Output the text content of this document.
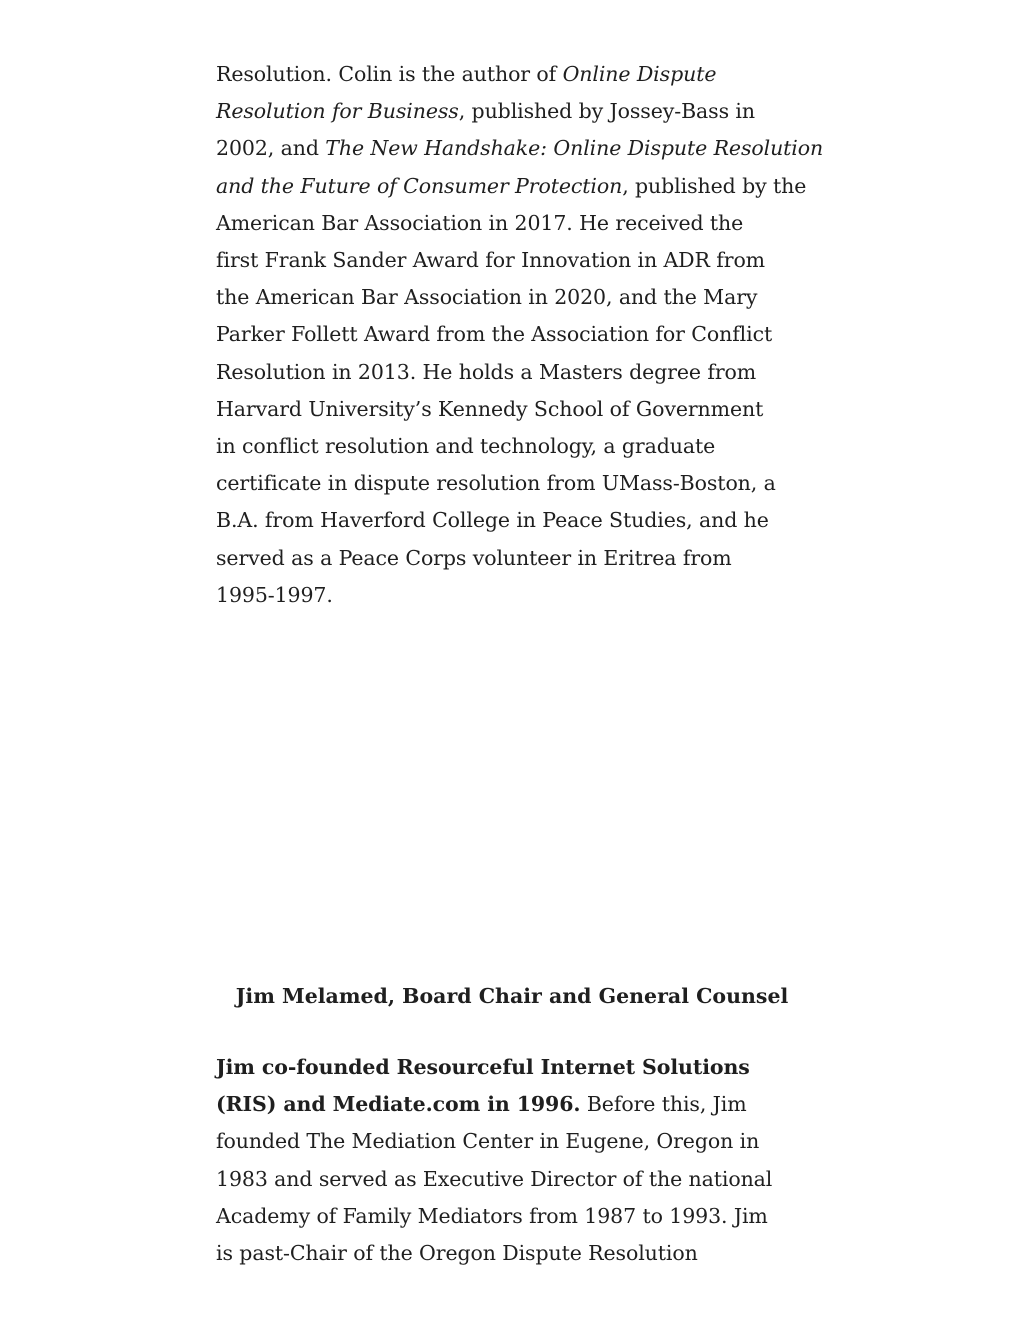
Resolution. Colin is the author of Online Dispute
Resolution for Business, published by Jossey-Bass in
2002, and The New Handshake: Online Dispute Resolution
and the Future of Consumer Protection, published by the
American Bar Association in 2017. He received the
first Frank Sander Award for Innovation in ADR from
the American Bar Association in 2020, and the Mary
Parker Follett Award from the Association for Conflict
Resolution in 2013. He holds a Masters degree from
Harvard University’s Kennedy School of Government
in conflict resolution and technology, a graduate
certificate in dispute resolution from UMass-Boston, a
B.A. from Haverford College in Peace Studies, and he
served as a Peace Corps volunteer in Eritrea from
1995-1997.

Jim Melamed, Board Chair and General Counsel

Jim co-founded Resourceful Internet Solutions
(RIS) and Mediate.com in 1996. Before this, Jim
founded The Mediation Center in Eugene, Oregon in
1983 and served as Executive Director of the national
Academy of Family Mediators from 1987 to 1993. Jim
is past-Chair of the Oregon Dispute Resolution
